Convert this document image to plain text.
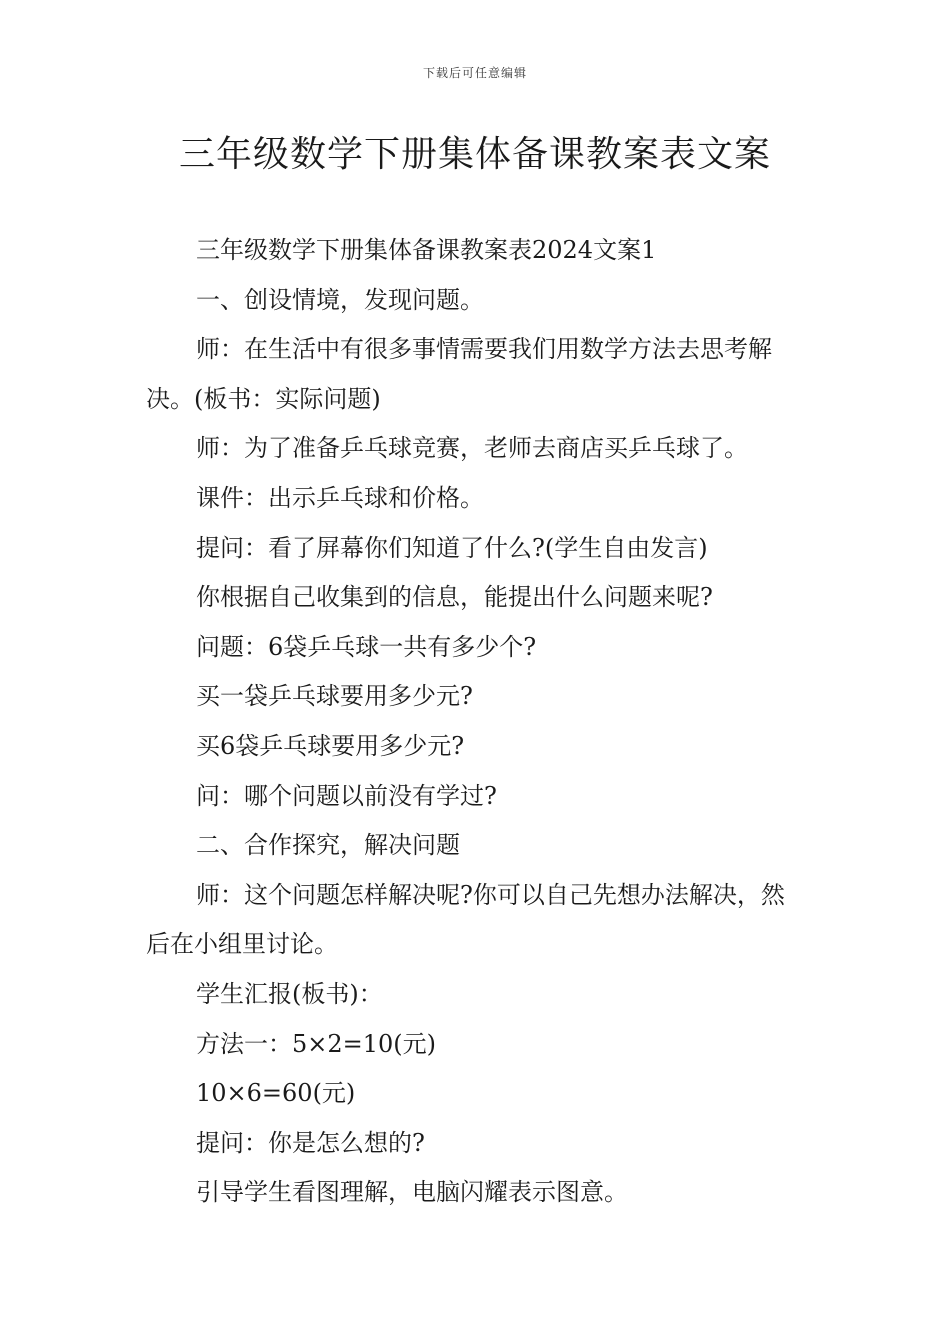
下载后可任意编辑
三年级数学下册集体备课教案表文案

三年级数学下册集体备课教案表2024文案1

一、创设情境，发现问题。

师：在生活中有很多事情需要我们用数学方法去思考解决。(板书：实际问题)

师：为了准备乒乓球竞赛，老师去商店买乒乓球了。

课件：出示乒乓球和价格。

提问：看了屏幕你们知道了什么?(学生自由发言)

你根据自己收集到的信息，能提出什么问题来呢?

问题：6袋乒乓球一共有多少个?

买一袋乒乓球要用多少元?

买6袋乒乓球要用多少元?

问：哪个问题以前没有学过?

二、合作探究，解决问题

师：这个问题怎样解决呢?你可以自己先想办法解决，然后在小组里讨论。

学生汇报(板书)：

方法一：5×2=10(元)

10×6=60(元)

提问：你是怎么想的?

引导学生看图理解，电脑闪耀表示图意。
